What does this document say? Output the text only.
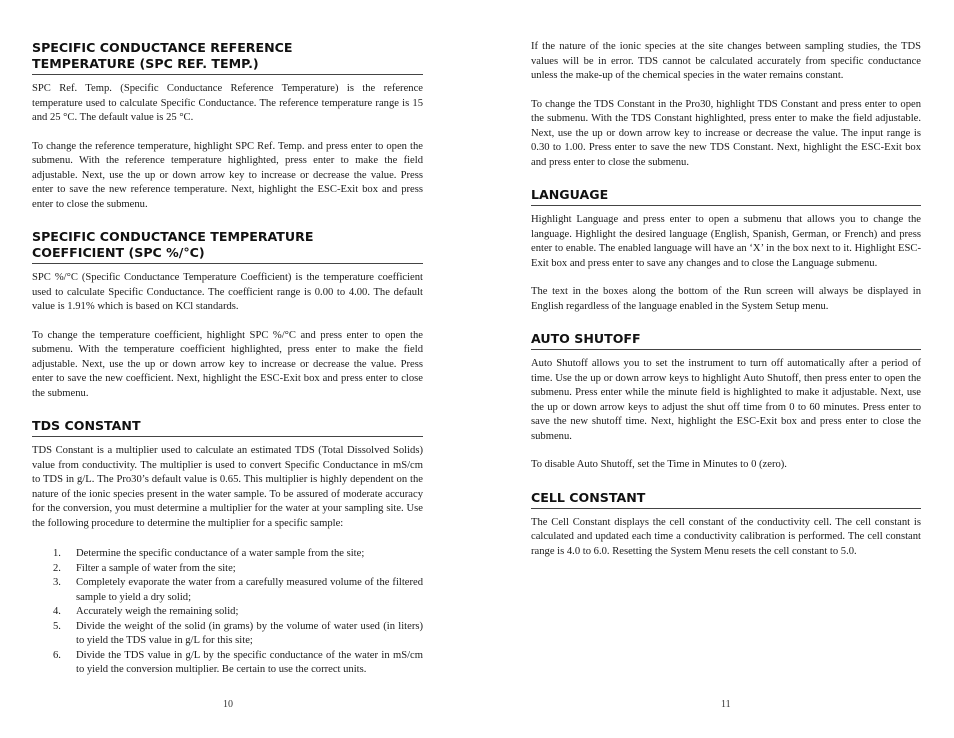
SPECIFIC CONDUCTANCE REFERENCE
TEMPERATURE (SPC REF. TEMP.)

SPC Ref. Temp. (Specific Conductance Reference Temperature) is the reference temperature used to calculate Specific Conductance. The reference temperature range is 15 and 25 °C. The default value is 25 °C.

To change the reference temperature, highlight SPC Ref. Temp. and press enter to open the submenu. With the reference temperature highlighted, press enter to make the field adjustable. Next, use the up or down arrow key to increase or decrease the value. Press enter to save the new reference temperature. Next, highlight the ESC-Exit box and press enter to close the submenu.

SPECIFIC CONDUCTANCE TEMPERATURE
COEFFICIENT (SPC %/°C)

SPC %/°C (Specific Conductance Temperature Coefficient) is the temperature coefficient used to calculate Specific Conductance. The coefficient range is 0.00 to 4.00. The default value is 1.91% which is based on KCl standards.

To change the temperature coefficient, highlight SPC %/°C and press enter to open the submenu. With the temperature coefficient highlighted, press enter to make the field adjustable. Next, use the up or down arrow key to increase or decrease the value. Press enter to save the new coefficient. Next, highlight the ESC-Exit box and press enter to close the submenu.

TDS CONSTANT

TDS Constant is a multiplier used to calculate an estimated TDS (Total Dissolved Solids) value from conductivity. The multiplier is used to convert Specific Conductance in mS/cm to TDS in g/L. The Pro30’s default value is 0.65. This multiplier is highly dependent on the nature of the ionic species present in the water sample. To be assured of moderate accuracy for the conversion, you must determine a multiplier for the water at your sampling site. Use the following procedure to determine the multiplier for a specific sample:

1. Determine the specific conductance of a water sample from the site;
2. Filter a sample of water from the site;
3. Completely evaporate the water from a carefully measured volume of the filtered sample to yield a dry solid;
4. Accurately weigh the remaining solid;
5. Divide the weight of the solid (in grams) by the volume of water used (in liters) to yield the TDS value in g/L for this site;
6. Divide the TDS value in g/L by the specific conductance of the water in mS/cm to yield the conversion multiplier. Be certain to use the correct units.
10

If the nature of the ionic species at the site changes between sampling studies, the TDS values will be in error. TDS cannot be calculated accurately from specific conductance unless the make-up of the chemical species in the water remains constant.

To change the TDS Constant in the Pro30, highlight TDS Constant and press enter to open the submenu. With the TDS Constant highlighted, press enter to make the field adjustable. Next, use the up or down arrow key to increase or decrease the value. The input range is 0.30 to 1.00. Press enter to save the new TDS Constant. Next, highlight the ESC-Exit box and press enter to close the submenu.

LANGUAGE

Highlight Language and press enter to open a submenu that allows you to change the language. Highlight the desired language (English, Spanish, German, or French) and press enter to enable. The enabled language will have an ‘X’ in the box next to it. Highlight ESC-Exit box and press enter to save any changes and to close the Language submenu.

The text in the boxes along the bottom of the Run screen will always be displayed in English regardless of the language enabled in the System Setup menu.

AUTO SHUTOFF

Auto Shutoff allows you to set the instrument to turn off automatically after a period of time. Use the up or down arrow keys to highlight Auto Shutoff, then press enter to open the submenu. Press enter while the minute field is highlighted to make it adjustable. Next, use the up or down arrow keys to adjust the shut off time from 0 to 60 minutes. Press enter to save the new shutoff time. Next, highlight the ESC-Exit box and press enter to close the submenu.

To disable Auto Shutoff, set the Time in Minutes to 0 (zero).

CELL CONSTANT

The Cell Constant displays the cell constant of the conductivity cell. The cell constant is calculated and updated each time a conductivity calibration is performed. The cell constant range is 4.0 to 6.0. Resetting the System Menu resets the cell constant to 5.0.

11
